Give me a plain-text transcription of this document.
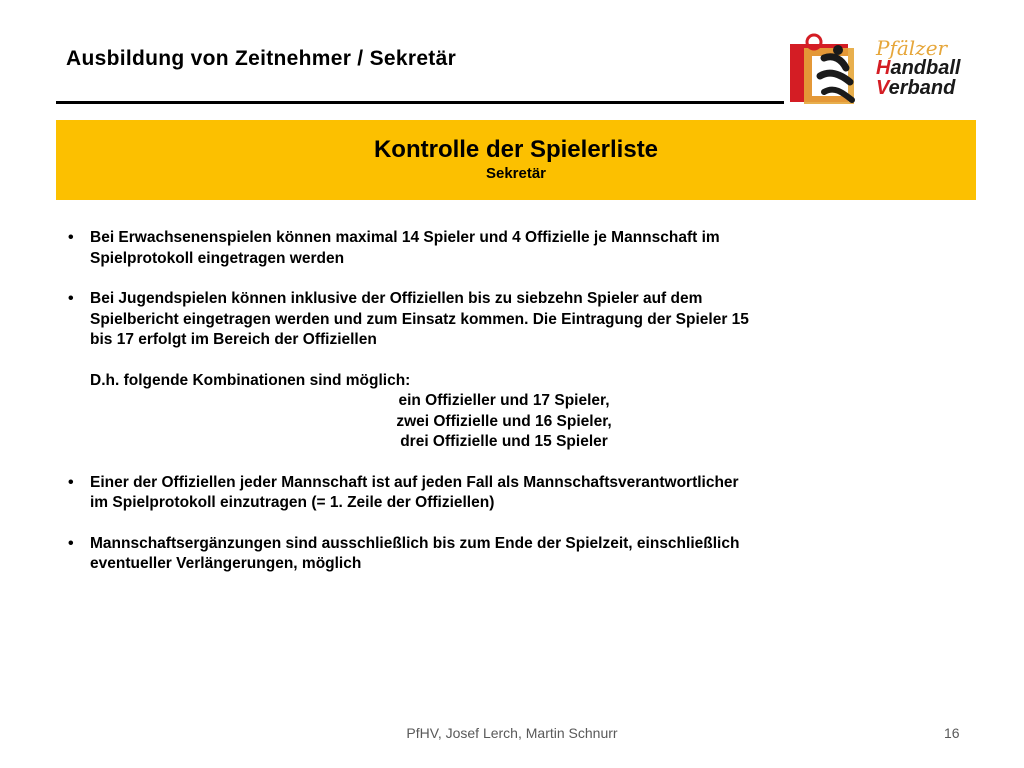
Ausbildung von Zeitnehmer / Sekretär	Pfälzer
Handball
Verband
Kontrolle der Spielerliste
Sekretär
• Bei Erwachsenenspielen können maximal 14 Spieler und 4 Offizielle je Mannschaft im

Spielprotokoll eingetragen werden

• Bei Jugendspielen können inklusive der Offiziellen bis zu siebzehn Spieler auf dem

Spielbericht eingetragen werden und zum Einsatz kommen. Die Eintragung der Spieler 15

bis 17 erfolgt im Bereich der Offiziellen

D.h. folgende Kombinationen sind möglich:
ein Offizieller und 17 Spieler,
zwei Offizielle und 16 Spieler,
drei Offizielle und 15 Spieler
• Einer der Offiziellen jeder Mannschaft ist auf jeden Fall als Mannschaftsverantwortlicher

im Spielprotokoll einzutragen (= 1. Zeile der Offiziellen)

• Mannschaftsergänzungen sind ausschließlich bis zum Ende der Spielzeit, einschließlich

eventueller Verlängerungen, möglich

PfHV, Josef Lerch, Martin Schnurr	16
